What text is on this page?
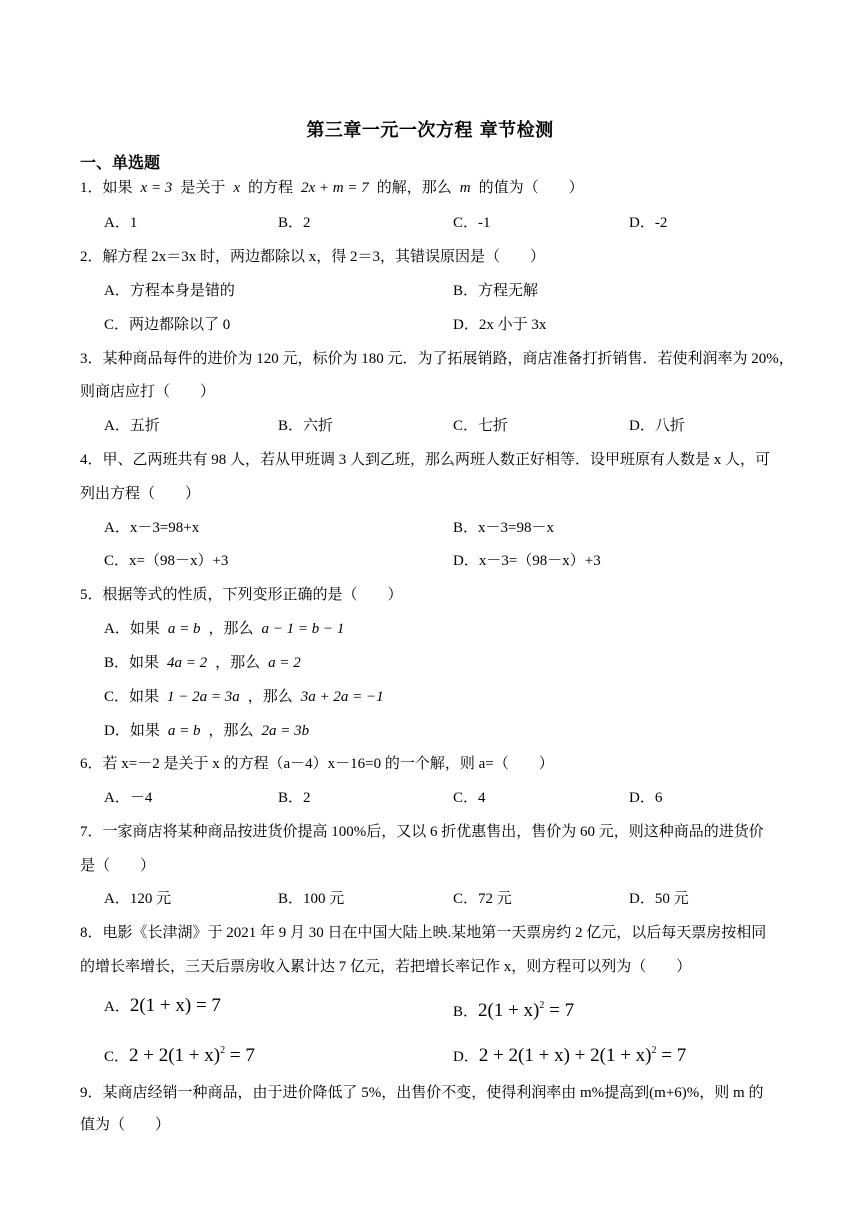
第三章一元一次方程 章节检测
一、单选题
1．如果 x = 3 是关于 x 的方程 2x + m = 7 的解，那么 m 的值为（　　）
A．1	B．2	C．-1	D．-2
2．解方程 2x＝3x 时，两边都除以 x，得 2＝3，其错误原因是（　　）
A．方程本身是错的	B．方程无解
C．两边都除以了 0	D．2x 小于 3x
3．某种商品每件的进价为 120 元，标价为 180 元．为了拓展销路，商店准备打折销售．若使利润率为 20%，
则商店应打（　　）
A．五折	B．六折	C．七折	D．八折
4．甲、乙两班共有 98 人，若从甲班调 3 人到乙班，那么两班人数正好相等．设甲班原有人数是 x 人，可
列出方程（　　）
A．x－3=98+x	B．x－3=98－x
C．x=（98－x）+3	D．x－3=（98－x）+3
5．根据等式的性质，下列变形正确的是（　　）
A．如果 a = b ，那么 a − 1 = b − 1
B．如果 4a = 2 ，那么 a = 2
C．如果 1 − 2a = 3a ，那么 3a + 2a = −1
D．如果 a = b ，那么 2a = 3b
6．若 x=－2 是关于 x 的方程（a－4）x－16=0 的一个解，则 a=（　　）
A．－4	B．2	C．4	D．6
7．一家商店将某种商品按进货价提高 100%后，又以 6 折优惠售出，售价为 60 元，则这种商品的进货价
是（　　）
A．120 元	B．100 元	C．72 元	D．50 元
8．电影《长津湖》于 2021 年 9 月 30 日在中国大陆上映.某地第一天票房约 2 亿元，以后每天票房按相同
的增长率增长，三天后票房收入累计达 7 亿元，若把增长率记作 x，则方程可以列为（　　）
A．2(1 + x) = 7	B．$2(1 + x)^2 = 7$
C．$2 + 2(1 + x)^2 = 7$	D．$2 + 2(1 + x) + 2(1 + x)^2 = 7$
9．某商店经销一种商品，由于进价降低了 5%，出售价不变，使得利润率由 m%提高到(m+6)%，则 m 的
值为（　　）
